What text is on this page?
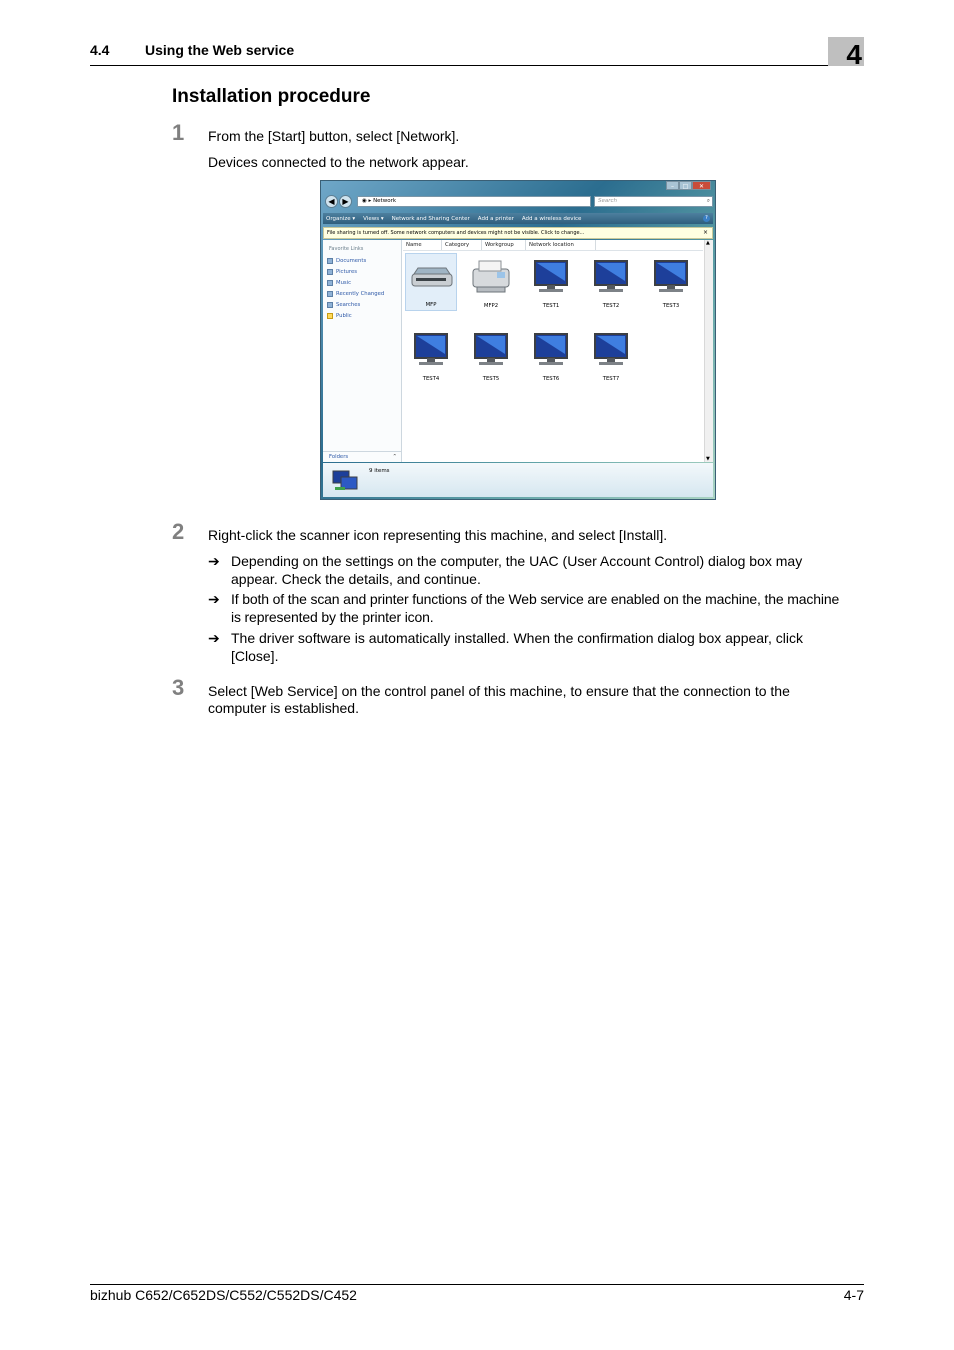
4.4	Using the Web service	4
Installation procedure
1 From the [Start] button, select [Network].
Devices connected to the network appear.
–	□	✕
◀ ▶	◉ ▸ Network	Search	⌕
Organize ▾ Views ▾ Network and Sharing Center Add a printer Add a wireless device	?
File sharing is turned off. Some network computers and devices might not be visible. Click to change...	×
Favorite Links
Documents
Pictures
Music
Recently Changed
Searches
Public
Folders	⌃
Name	Category	Workgroup	Network location	▲
▼
MFP	MFP2	TEST1	TEST2	TEST3
TEST4	TEST5	TEST6	TEST7
9 items
2 Right-click the scanner icon representing this machine, and select [Install].
➔ Depending on the settings on the computer, the UAC (User Account Control) dialog box may
appear. Check the details, and continue.
➔ If both of the scan and printer functions of the Web service are enabled on the machine, the machine
is represented by the printer icon.
➔ The driver software is automatically installed. When the confirmation dialog box appear, click
[Close].
3 Select [Web Service] on the control panel of this machine, to ensure that the connection to the
computer is established.
bizhub C652/C652DS/C552/C552DS/C452	4-7
